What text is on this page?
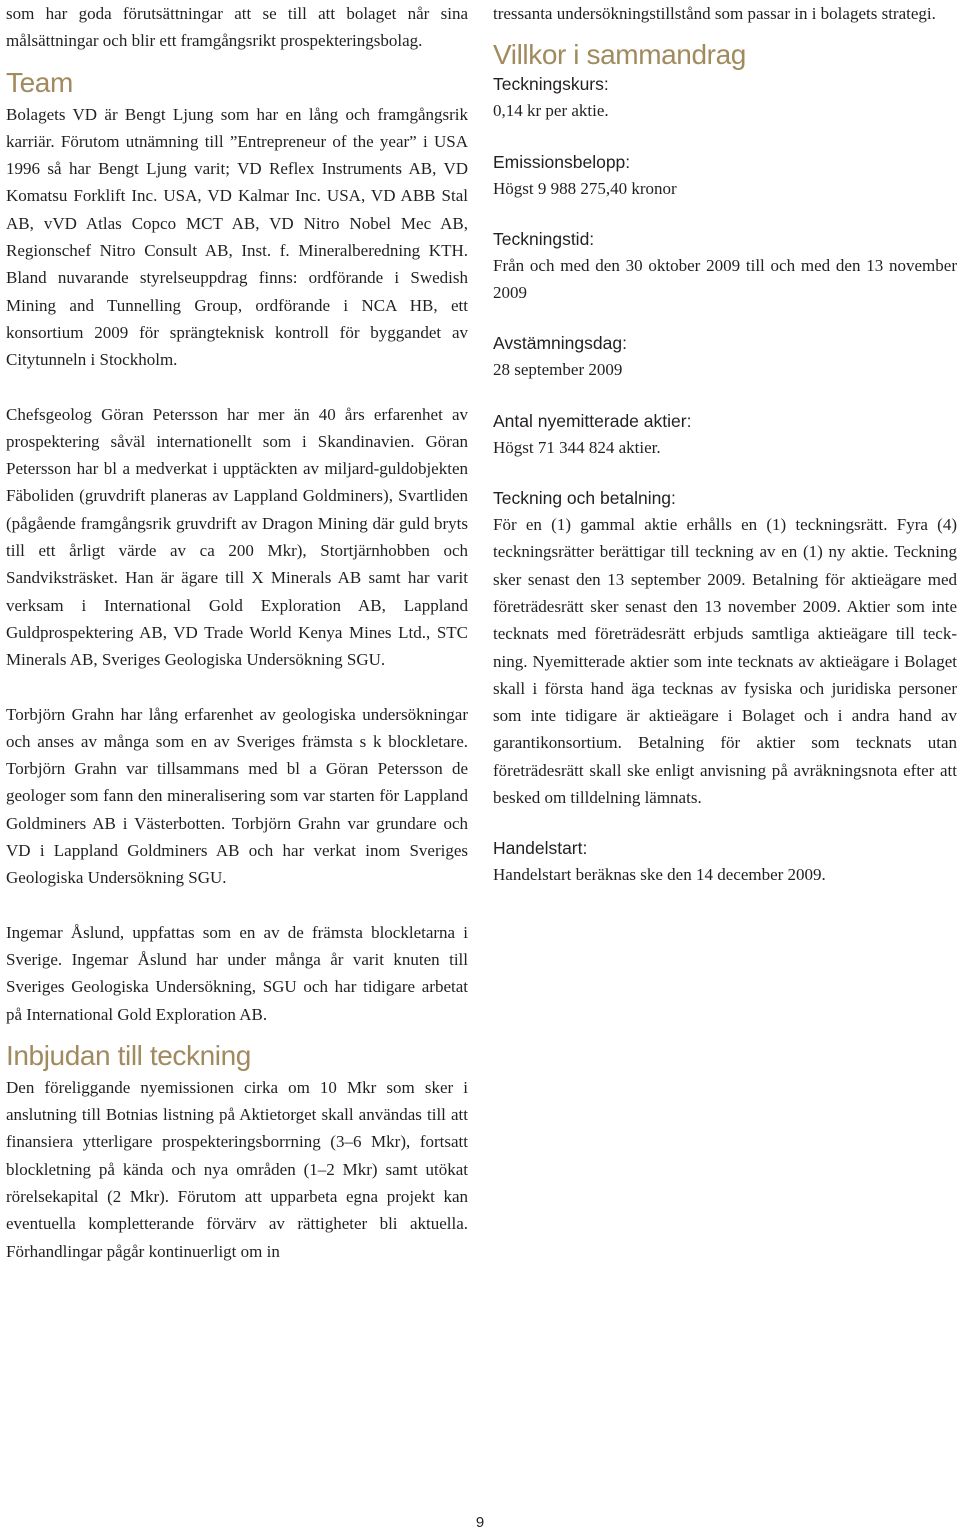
som har goda förutsättningar att se till att bolaget når sina målsättningar och blir ett framgångsrikt prospekteringsbolag.

Team

Bolagets VD är Bengt Ljung som har en lång och framgångsrik karriär. Förutom utnämning till ”Entrepreneur of the year” i USA 1996 så har Bengt Ljung varit; VD Reflex Instruments AB, VD Komatsu Forklift Inc. USA, VD Kalmar Inc. USA, VD ABB Stal AB, vVD Atlas Copco MCT AB, VD Nitro Nobel Mec AB, Regionschef Nitro Consult AB, Inst. f. Mineralberedning KTH. Bland nuvarande styrelseuppdrag finns: ordförande i Swedish Mining and Tunnelling Group, ordförande i NCA HB, ett konsortium 2009 för sprängteknisk kontroll för byggandet av Citytunneln i Stockholm.

Chefsgeolog Göran Petersson har mer än 40 års erfarenhet av prospektering såväl internationellt som i Skandinavien. Göran Petersson har bl a medverkat i upptäckten av miljard-guldobjekten Fäboliden (gruvdrift planeras av Lappland Goldminers), Svartliden (pågående framgångsrik gruvdrift av Dragon Mining där guld bryts till ett årligt värde av ca 200 Mkr), Stortjärnhobben och Sandviksträsket. Han är ägare till X Minerals AB samt har varit verksam i International Gold Exploration AB, Lappland Guldprospektering AB, VD Trade World Kenya Mines Ltd., STC Minerals AB, Sveriges Geologiska Undersökning SGU.

Torbjörn Grahn har lång erfarenhet av geologiska undersökningar och anses av många som en av Sveriges främsta s k blockletare. Torbjörn Grahn var tillsammans med bl a Göran Petersson de geologer som fann den mineralisering som var starten för Lappland Goldminers AB i Västerbotten. Torbjörn Grahn var grundare och VD i Lappland Goldminers AB och har verkat inom Sveriges Geologiska Undersökning SGU.

Ingemar Åslund, uppfattas som en av de främsta blockletarna i Sverige. Ingemar Åslund har under många år varit knuten till Sveriges Geologiska Undersökning, SGU och har tidigare arbetat på International Gold Exploration AB.

Inbjudan till teckning

Den föreliggande nyemissionen cirka om 10 Mkr som sker i anslutning till Botnias listning på Aktietorget skall användas till att finansiera ytterligare prospekteringsborrning (3–6 Mkr), fortsatt blockletning på kända och nya områden (1–2 Mkr) samt utökat rörelsekapital (2 Mkr). Förutom att upparbeta egna projekt kan eventuella kompletterande förvärv av rättigheter bli aktuella. Förhandlingar pågår kontinuerligt om in

tressanta undersökningstillstånd som passar in i bolagets strategi.

Villkor i sammandrag

Teckningskurs:

0,14 kr per aktie.

Emissionsbelopp:

Högst 9 988 275,40 kronor

Teckningstid:

Från och med den 30 oktober 2009 till och med den 13 november 2009

Avstämningsdag:

28 september 2009

Antal nyemitterade aktier:

Högst 71 344 824 aktier.

Teckning och betalning:

För en (1) gammal aktie erhålls en (1) teckningsrätt. Fyra (4) teckningsrätter berättigar till teckning av en (1) ny aktie. Teckning sker senast den 13 september 2009. Betalning för aktieägare med företrädesrätt sker senast den 13 november 2009. Aktier som inte tecknats med företrädesrätt erbjuds samtliga aktieägare till teckning. Nyemitterade aktier som inte tecknats av aktieägare i Bolaget skall i första hand äga tecknas av fysiska och juridiska personer som inte tidigare är aktieägare i Bolaget och i andra hand av garantikonsortium. Betalning för aktier som tecknats utan företrädesrätt skall ske enligt anvisning på avräkningsnota efter att besked om tilldelning lämnats.

Handelstart:

Handelstart beräknas ske den 14 december 2009.

9
